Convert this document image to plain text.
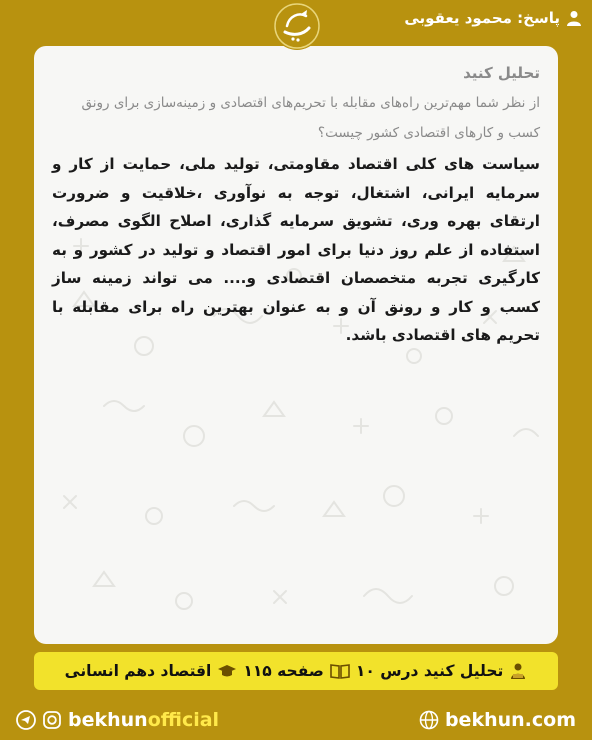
پاسخ: محمود یعقوبی
تحلیل کنید

از نظر شما مهم‌ترین راه‌های مقابله با تحریم‌های اقتصادی و زمینه‌سازی برای رونق کسب و کارهای اقتصادی کشور چیست؟

سیاست های کلی اقتصاد مقاومتی، تولید ملی، حمایت از کار و سرمایه ایرانی، اشتغال، توجه به نوآوری ،خلاقیت و ضرورت ارتقای بهره وری، تشویق سرمایه گذاری، اصلاح الگوی مصرف، استفاده از علم روز دنیا برای امور اقتصاد و تولید در کشور و به کارگیری تجربه متخصصان اقتصادی و.... می تواند زمینه ساز کسب و کار و رونق آن و به عنوان بهترین راه برای مقابله با تحریم های اقتصادی باشد.

تحلیل کنید درس ۱۰
صفحه ۱۱۵
اقتصاد دهم انسانی
bekhunofficial	bekhun.com
